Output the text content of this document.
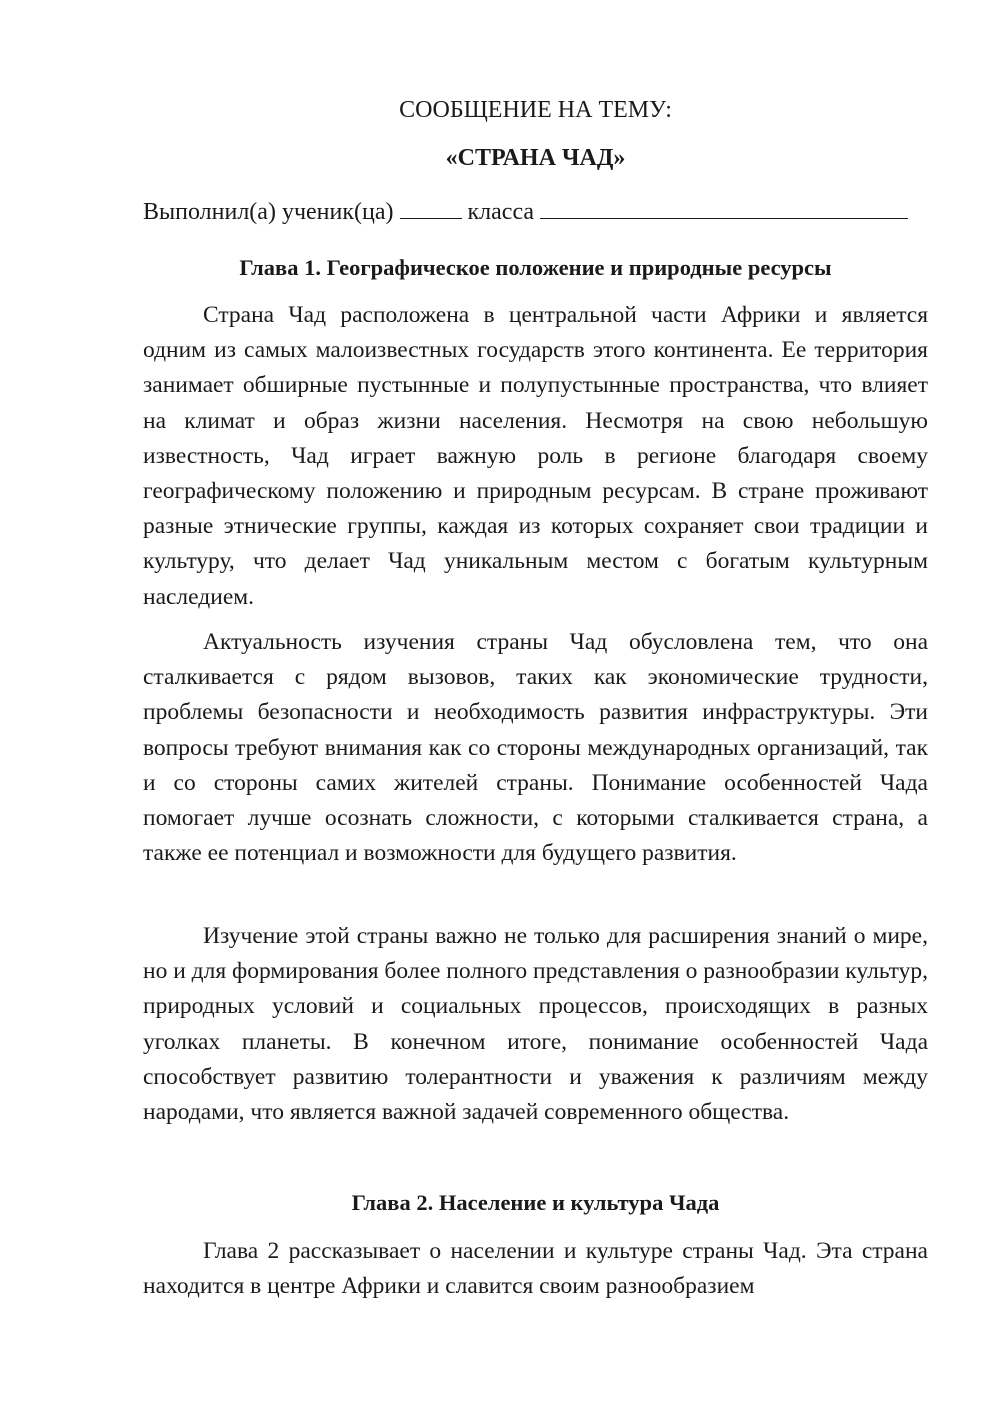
СООБЩЕНИЕ НА ТЕМУ:
«СТРАНА ЧАД»
Выполнил(а) ученик(ца)	класса
Глава 1. Географическое положение и природные ресурсы

Страна Чад расположена в центральной части Африки и является одним из самых малоизвестных государств этого континента. Ее территория занимает обширные пустынные и полупустынные пространства, что влияет на климат и образ жизни населения. Несмотря на свою небольшую известность, Чад играет важную роль в регионе благодаря своему географическому положению и природным ресурсам. В стране проживают разные этнические группы, каждая из которых сохраняет свои традиции и культуру, что делает Чад уникальным местом с богатым культурным наследием.

Актуальность изучения страны Чад обусловлена тем, что она сталкивается с рядом вызовов, таких как экономические трудности, проблемы безопасности и необходимость развития инфраструктуры. Эти вопросы требуют внимания как со стороны международных организаций, так и со стороны самих жителей страны. Понимание особенностей Чада помогает лучше осознать сложности, с которыми сталкивается страна, а также ее потенциал и возможности для будущего развития.

Изучение этой страны важно не только для расширения знаний о мире, но и для формирования более полного представления о разнообразии культур, природных условий и социальных процессов, происходящих в разных уголках планеты. В конечном итоге, понимание особенностей Чада способствует развитию толерантности и уважения к различиям между народами, что является важной задачей современного общества.

Глава 2. Население и культура Чада

Глава 2 рассказывает о населении и культуре страны Чад. Эта страна находится в центре Африки и славится своим разнообразием
